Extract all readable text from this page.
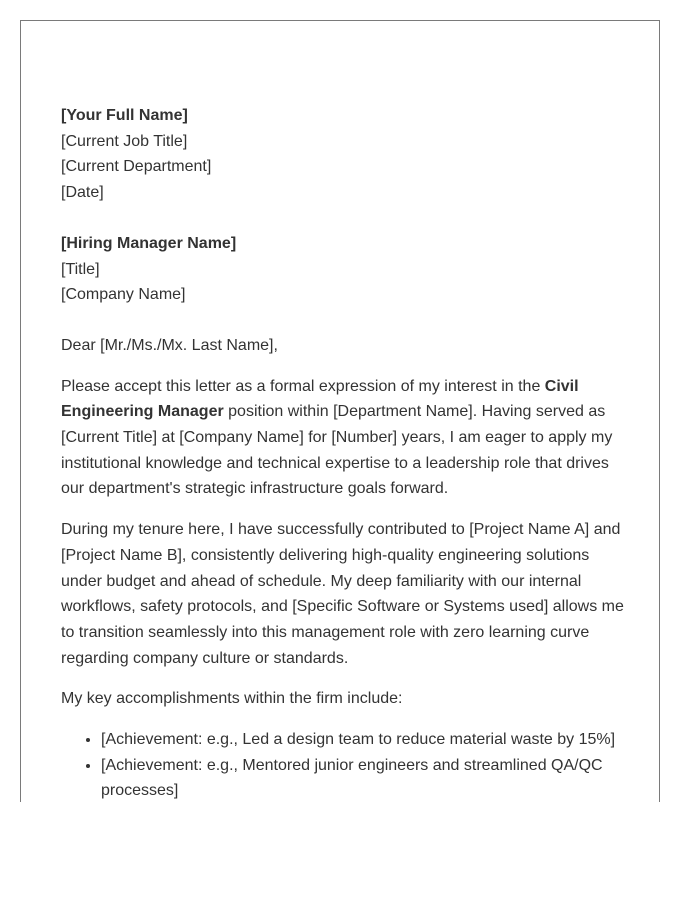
[Your Full Name]
[Current Job Title]
[Current Department]
[Date]
[Hiring Manager Name]
[Title]
[Company Name]
Dear [Mr./Ms./Mx. Last Name],

Please accept this letter as a formal expression of my interest in the Civil Engineering Manager position within [Department Name]. Having served as [Current Title] at [Company Name] for [Number] years, I am eager to apply my institutional knowledge and technical expertise to a leadership role that drives our department's strategic infrastructure goals forward.

During my tenure here, I have successfully contributed to [Project Name A] and [Project Name B], consistently delivering high-quality engineering solutions under budget and ahead of schedule. My deep familiarity with our internal workflows, safety protocols, and [Specific Software or Systems used] allows me to transition seamlessly into this management role with zero learning curve regarding company culture or standards.

My key accomplishments within the firm include:

• [Achievement: e.g., Led a design team to reduce material waste by 15%]
• [Achievement: e.g., Mentored junior engineers and streamlined QA/QC processes]
